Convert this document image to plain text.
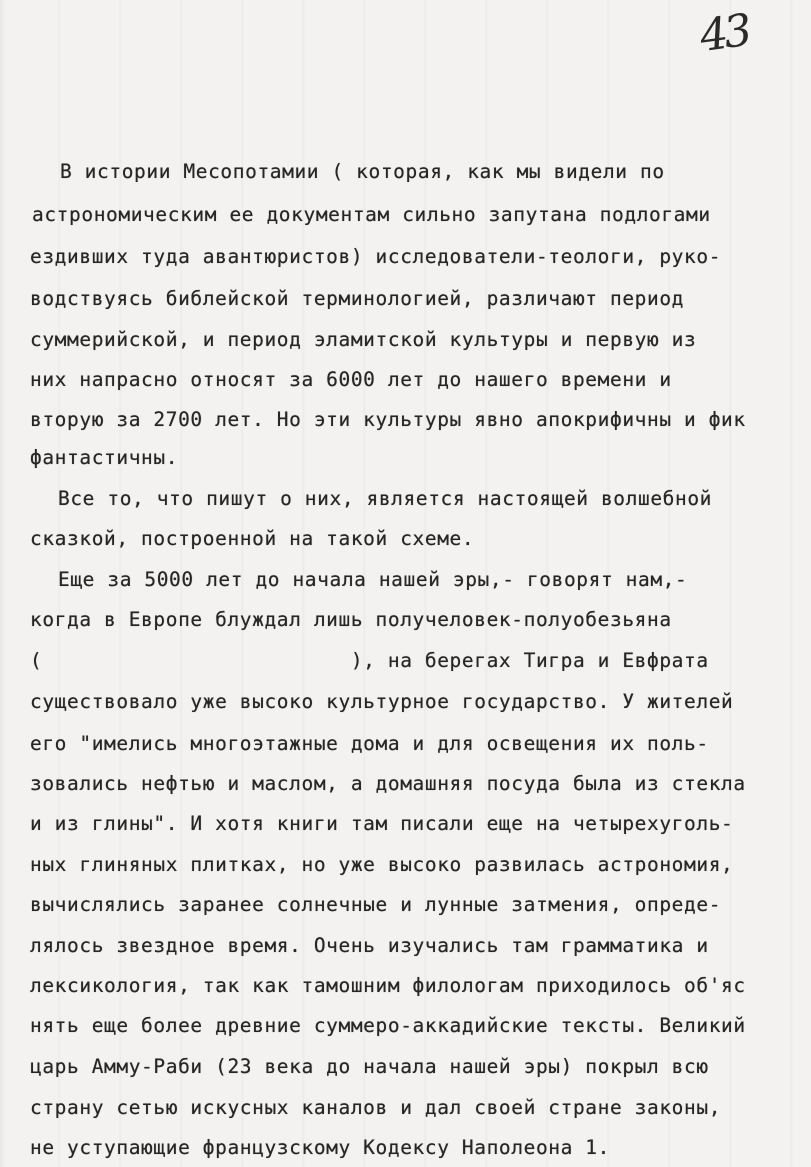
43
В истории Месопотамии ( которая, как мы видели по
астрономическим ее документам сильно запутана подлогами
ездивших туда авантюристов) исследователи-теологи, руко-
водствуясь библейской терминологией, различают период
суммерийской, и период эламитской культуры и первую из
них напрасно относят за 6000 лет до нашего времени и
вторую за 2700 лет. Но эти культуры явно апокрифичны и фик
фантастичны.
Все то, что пишут о них, является настоящей волшебной
сказкой, построенной на такой схеме.
Еще за 5000 лет до начала нашей эры,- говорят нам,-
когда в Европе блуждал лишь получеловек-полуобезьяна
(                         ), на берегах Тигра и Евфрата
существовало уже высоко культурное государство. У жителей
его "имелись многоэтажные дома и для освещения их поль-
зовались нефтью и маслом, а домашняя посуда была из стекла
и из глины". И хотя книги там писали еще на четырехуголь-
ных глиняных плитках, но уже высоко развилась астрономия,
вычислялись заранее солнечные и лунные затмения, опреде-
лялось звездное время. Очень изучались там грамматика и
лексикология, так как тамошним филологам приходилось об'яс
нять еще более древние суммеро-аккадийские тексты. Великий
царь Амму-Раби (23 века до начала нашей эры) покрыл всю
страну сетью искусных каналов и дал своей стране законы,
не уступающие французскому Кодексу Наполеона 1.
